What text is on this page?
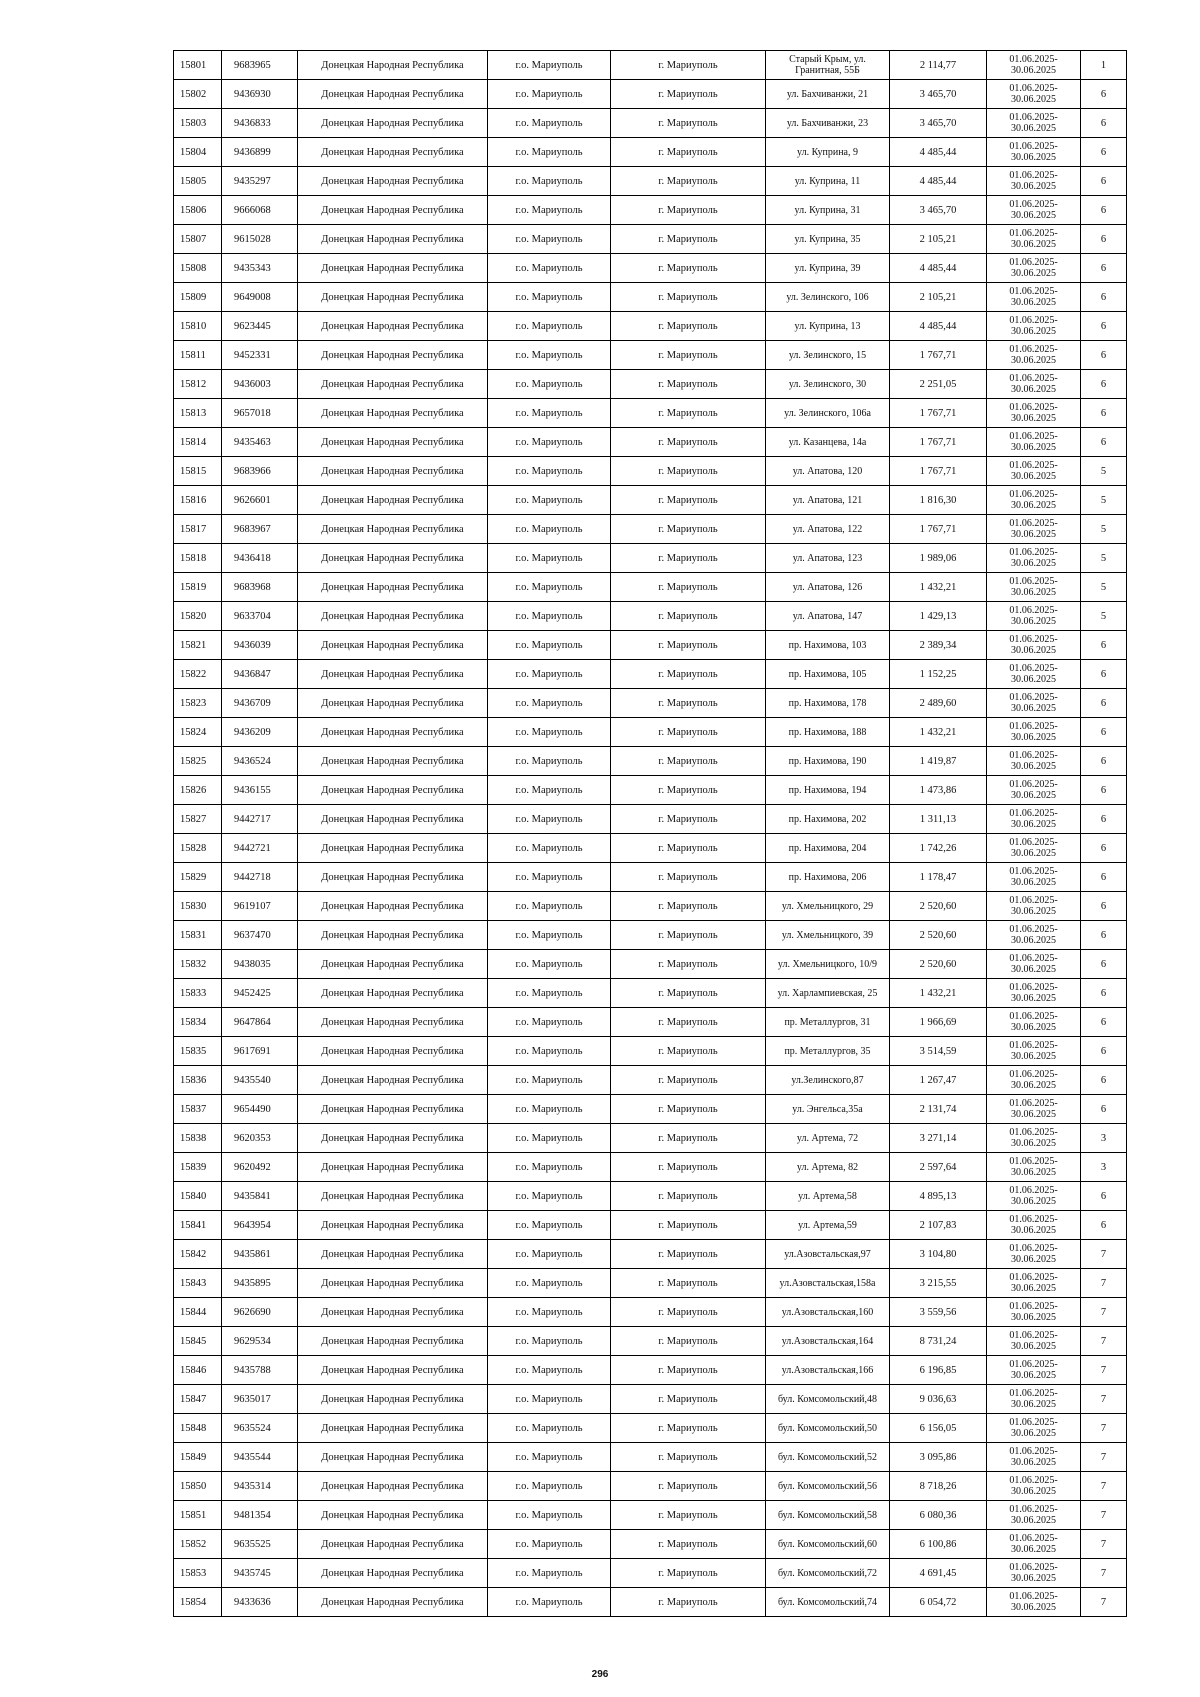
15801	9683965	Донецкая Народная Республика	г.о. Мариуполь	г. Мариуполь	Старый Крым, ул. Гранитная, 55Б	2 114,77	01.06.2025-30.06.2025	1
15802	9436930	Донецкая Народная Республика	г.о. Мариуполь	г. Мариуполь	ул. Бахчиванжи, 21	3 465,70	01.06.2025-30.06.2025	6
15803	9436833	Донецкая Народная Республика	г.о. Мариуполь	г. Мариуполь	ул. Бахчиванжи, 23	3 465,70	01.06.2025-30.06.2025	6
15804	9436899	Донецкая Народная Республика	г.о. Мариуполь	г. Мариуполь	ул. Куприна, 9	4 485,44	01.06.2025-30.06.2025	6
15805	9435297	Донецкая Народная Республика	г.о. Мариуполь	г. Мариуполь	ул. Куприна, 11	4 485,44	01.06.2025-30.06.2025	6
15806	9666068	Донецкая Народная Республика	г.о. Мариуполь	г. Мариуполь	ул. Куприна, 31	3 465,70	01.06.2025-30.06.2025	6
15807	9615028	Донецкая Народная Республика	г.о. Мариуполь	г. Мариуполь	ул. Куприна, 35	2 105,21	01.06.2025-30.06.2025	6
15808	9435343	Донецкая Народная Республика	г.о. Мариуполь	г. Мариуполь	ул. Куприна, 39	4 485,44	01.06.2025-30.06.2025	6
15809	9649008	Донецкая Народная Республика	г.о. Мариуполь	г. Мариуполь	ул. Зелинского, 106	2 105,21	01.06.2025-30.06.2025	6
15810	9623445	Донецкая Народная Республика	г.о. Мариуполь	г. Мариуполь	ул. Куприна, 13	4 485,44	01.06.2025-30.06.2025	6
15811	9452331	Донецкая Народная Республика	г.о. Мариуполь	г. Мариуполь	ул. Зелинского, 15	1 767,71	01.06.2025-30.06.2025	6
15812	9436003	Донецкая Народная Республика	г.о. Мариуполь	г. Мариуполь	ул. Зелинского, 30	2 251,05	01.06.2025-30.06.2025	6
15813	9657018	Донецкая Народная Республика	г.о. Мариуполь	г. Мариуполь	ул. Зелинского, 106а	1 767,71	01.06.2025-30.06.2025	6
15814	9435463	Донецкая Народная Республика	г.о. Мариуполь	г. Мариуполь	ул. Казанцева, 14а	1 767,71	01.06.2025-30.06.2025	6
15815	9683966	Донецкая Народная Республика	г.о. Мариуполь	г. Мариуполь	ул. Апатова, 120	1 767,71	01.06.2025-30.06.2025	5
15816	9626601	Донецкая Народная Республика	г.о. Мариуполь	г. Мариуполь	ул. Апатова, 121	1 816,30	01.06.2025-30.06.2025	5
15817	9683967	Донецкая Народная Республика	г.о. Мариуполь	г. Мариуполь	ул. Апатова, 122	1 767,71	01.06.2025-30.06.2025	5
15818	9436418	Донецкая Народная Республика	г.о. Мариуполь	г. Мариуполь	ул. Апатова, 123	1 989,06	01.06.2025-30.06.2025	5
15819	9683968	Донецкая Народная Республика	г.о. Мариуполь	г. Мариуполь	ул. Апатова, 126	1 432,21	01.06.2025-30.06.2025	5
15820	9633704	Донецкая Народная Республика	г.о. Мариуполь	г. Мариуполь	ул. Апатова, 147	1 429,13	01.06.2025-30.06.2025	5
15821	9436039	Донецкая Народная Республика	г.о. Мариуполь	г. Мариуполь	пр. Нахимова, 103	2 389,34	01.06.2025-30.06.2025	6
15822	9436847	Донецкая Народная Республика	г.о. Мариуполь	г. Мариуполь	пр. Нахимова, 105	1 152,25	01.06.2025-30.06.2025	6
15823	9436709	Донецкая Народная Республика	г.о. Мариуполь	г. Мариуполь	пр. Нахимова, 178	2 489,60	01.06.2025-30.06.2025	6
15824	9436209	Донецкая Народная Республика	г.о. Мариуполь	г. Мариуполь	пр. Нахимова, 188	1 432,21	01.06.2025-30.06.2025	6
15825	9436524	Донецкая Народная Республика	г.о. Мариуполь	г. Мариуполь	пр. Нахимова, 190	1 419,87	01.06.2025-30.06.2025	6
15826	9436155	Донецкая Народная Республика	г.о. Мариуполь	г. Мариуполь	пр. Нахимова, 194	1 473,86	01.06.2025-30.06.2025	6
15827	9442717	Донецкая Народная Республика	г.о. Мариуполь	г. Мариуполь	пр. Нахимова, 202	1 311,13	01.06.2025-30.06.2025	6
15828	9442721	Донецкая Народная Республика	г.о. Мариуполь	г. Мариуполь	пр. Нахимова, 204	1 742,26	01.06.2025-30.06.2025	6
15829	9442718	Донецкая Народная Республика	г.о. Мариуполь	г. Мариуполь	пр. Нахимова, 206	1 178,47	01.06.2025-30.06.2025	6
15830	9619107	Донецкая Народная Республика	г.о. Мариуполь	г. Мариуполь	ул. Хмельницкого, 29	2 520,60	01.06.2025-30.06.2025	6
15831	9637470	Донецкая Народная Республика	г.о. Мариуполь	г. Мариуполь	ул. Хмельницкого, 39	2 520,60	01.06.2025-30.06.2025	6
15832	9438035	Донецкая Народная Республика	г.о. Мариуполь	г. Мариуполь	ул. Хмельницкого, 10/9	2 520,60	01.06.2025-30.06.2025	6
15833	9452425	Донецкая Народная Республика	г.о. Мариуполь	г. Мариуполь	ул. Харлампиевская, 25	1 432,21	01.06.2025-30.06.2025	6
15834	9647864	Донецкая Народная Республика	г.о. Мариуполь	г. Мариуполь	пр. Металлургов, 31	1 966,69	01.06.2025-30.06.2025	6
15835	9617691	Донецкая Народная Республика	г.о. Мариуполь	г. Мариуполь	пр. Металлургов, 35	3 514,59	01.06.2025-30.06.2025	6
15836	9435540	Донецкая Народная Республика	г.о. Мариуполь	г. Мариуполь	ул.Зелинского,87	1 267,47	01.06.2025-30.06.2025	6
15837	9654490	Донецкая Народная Республика	г.о. Мариуполь	г. Мариуполь	ул. Энгельса,35а	2 131,74	01.06.2025-30.06.2025	6
15838	9620353	Донецкая Народная Республика	г.о. Мариуполь	г. Мариуполь	ул. Артема, 72	3 271,14	01.06.2025-30.06.2025	3
15839	9620492	Донецкая Народная Республика	г.о. Мариуполь	г. Мариуполь	ул. Артема, 82	2 597,64	01.06.2025-30.06.2025	3
15840	9435841	Донецкая Народная Республика	г.о. Мариуполь	г. Мариуполь	ул. Артема,58	4 895,13	01.06.2025-30.06.2025	6
15841	9643954	Донецкая Народная Республика	г.о. Мариуполь	г. Мариуполь	ул. Артема,59	2 107,83	01.06.2025-30.06.2025	6
15842	9435861	Донецкая Народная Республика	г.о. Мариуполь	г. Мариуполь	ул.Азовстальская,97	3 104,80	01.06.2025-30.06.2025	7
15843	9435895	Донецкая Народная Республика	г.о. Мариуполь	г. Мариуполь	ул.Азовстальская,158а	3 215,55	01.06.2025-30.06.2025	7
15844	9626690	Донецкая Народная Республика	г.о. Мариуполь	г. Мариуполь	ул.Азовстальская,160	3 559,56	01.06.2025-30.06.2025	7
15845	9629534	Донецкая Народная Республика	г.о. Мариуполь	г. Мариуполь	ул.Азовстальская,164	8 731,24	01.06.2025-30.06.2025	7
15846	9435788	Донецкая Народная Республика	г.о. Мариуполь	г. Мариуполь	ул.Азовстальская,166	6 196,85	01.06.2025-30.06.2025	7
15847	9635017	Донецкая Народная Республика	г.о. Мариуполь	г. Мариуполь	бул. Комсомольский,48	9 036,63	01.06.2025-30.06.2025	7
15848	9635524	Донецкая Народная Республика	г.о. Мариуполь	г. Мариуполь	бул. Комсомольский,50	6 156,05	01.06.2025-30.06.2025	7
15849	9435544	Донецкая Народная Республика	г.о. Мариуполь	г. Мариуполь	бул. Комсомольский,52	3 095,86	01.06.2025-30.06.2025	7
15850	9435314	Донецкая Народная Республика	г.о. Мариуполь	г. Мариуполь	бул. Комсомольский,56	8 718,26	01.06.2025-30.06.2025	7
15851	9481354	Донецкая Народная Республика	г.о. Мариуполь	г. Мариуполь	бул. Комсомольский,58	6 080,36	01.06.2025-30.06.2025	7
15852	9635525	Донецкая Народная Республика	г.о. Мариуполь	г. Мариуполь	бул. Комсомольский,60	6 100,86	01.06.2025-30.06.2025	7
15853	9435745	Донецкая Народная Республика	г.о. Мариуполь	г. Мариуполь	бул. Комсомольский,72	4 691,45	01.06.2025-30.06.2025	7
15854	9433636	Донецкая Народная Республика	г.о. Мариуполь	г. Мариуполь	бул. Комсомольский,74	6 054,72	01.06.2025-30.06.2025	7
296
